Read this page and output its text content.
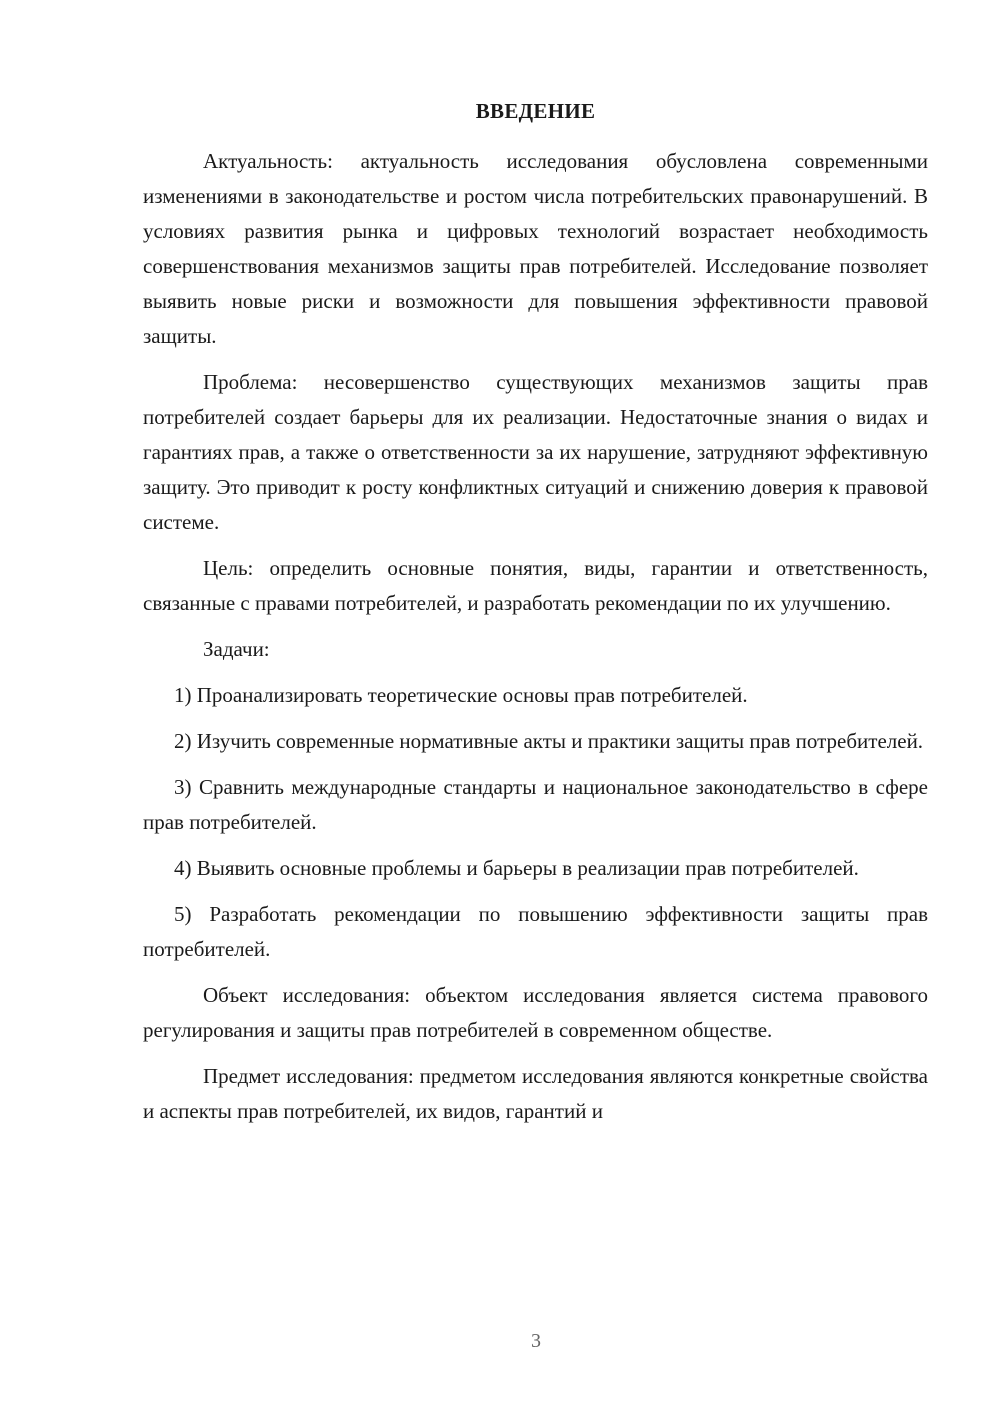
ВВЕДЕНИЕ

Актуальность: актуальность исследования обусловлена современными изменениями в законодательстве и ростом числа потребительских правонарушений. В условиях развития рынка и цифровых технологий возрастает необходимость совершенствования механизмов защиты прав потребителей. Исследование позволяет выявить новые риски и возможности для повышения эффективности правовой защиты.

Проблема: несовершенство существующих механизмов защиты прав потребителей создает барьеры для их реализации. Недостаточные знания о видах и гарантиях прав, а также о ответственности за их нарушение, затрудняют эффективную защиту. Это приводит к росту конфликтных ситуаций и снижению доверия к правовой системе.

Цель: определить основные понятия, виды, гарантии и ответственность, связанные с правами потребителей, и разработать рекомендации по их улучшению.

Задачи:

1) Проанализировать теоретические основы прав потребителей.

2) Изучить современные нормативные акты и практики защиты прав потребителей.

3) Сравнить международные стандарты и национальное законодательство в сфере прав потребителей.

4) Выявить основные проблемы и барьеры в реализации прав потребителей.

5) Разработать рекомендации по повышению эффективности защиты прав потребителей.

Объект исследования: объектом исследования является система правового регулирования и защиты прав потребителей в современном обществе.

Предмет исследования: предметом исследования являются конкретные свойства и аспекты прав потребителей, их видов, гарантий и

3
